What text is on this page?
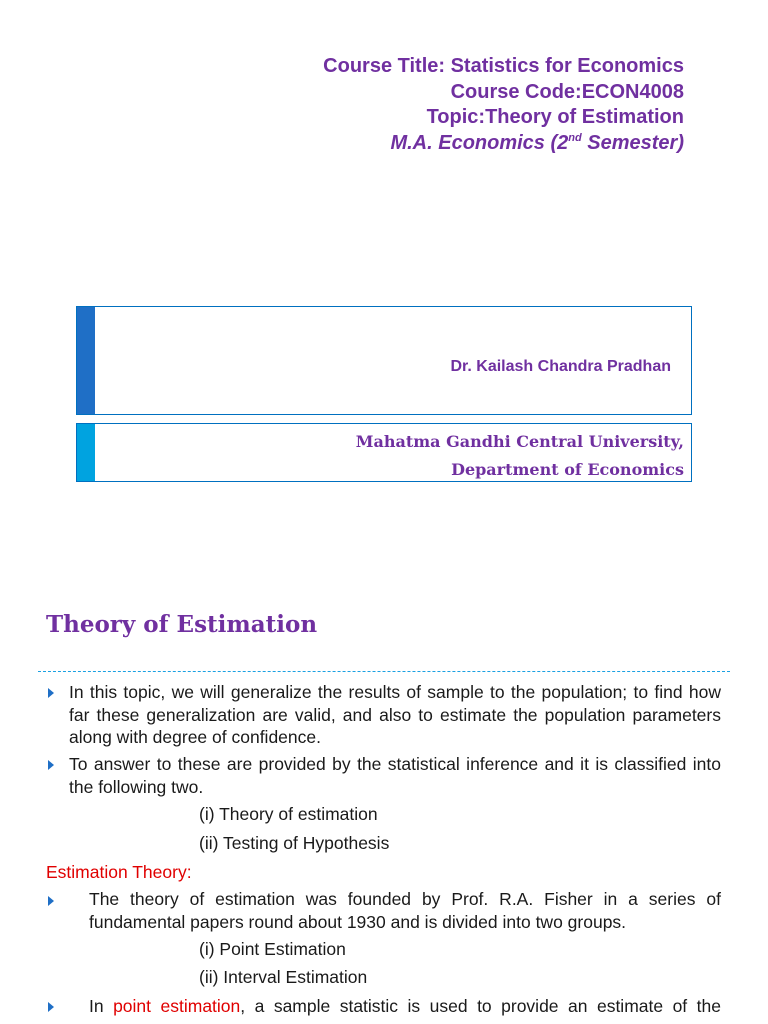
Course Title: Statistics for Economics
Course Code:ECON4008
Topic:Theory of Estimation
M.A. Economics (2nd Semester)
Dr. Kailash Chandra Pradhan
Mahatma Gandhi Central University,
Department of Economics
Theory of Estimation
In this topic, we will generalize the results of sample to the population; to find how far these generalization are valid, and also to estimate the population parameters along with degree of confidence.
To answer to these are provided by the statistical inference and it is classified into the following two.
(i) Theory of estimation
(ii) Testing of Hypothesis
Estimation Theory:
The theory of estimation was founded by Prof. R.A. Fisher in a series of fundamental papers round about 1930 and is divided into two groups.
(i) Point Estimation
(ii) Interval Estimation
In point estimation, a sample statistic is used to provide an estimate of the
